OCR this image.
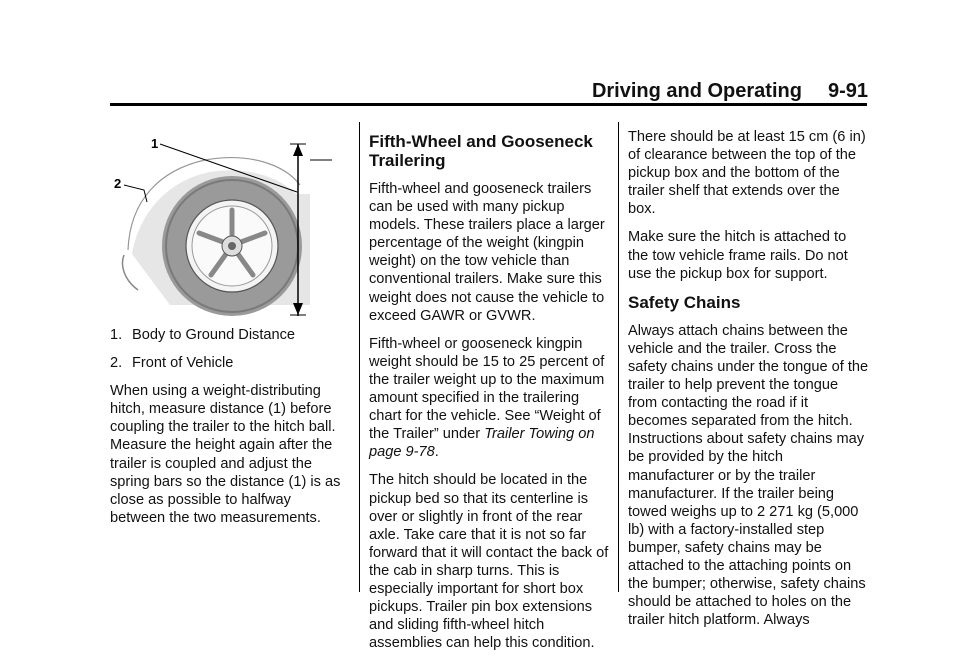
Driving and Operating 9-91
1
2

1. Body to Ground Distance

2. Front of Vehicle

When using a weight-distributing hitch, measure distance (1) before coupling the trailer to the hitch ball. Measure the height again after the trailer is coupled and adjust the spring bars so the distance (1) is as close as possible to halfway between the two measurements.

Fifth-Wheel and Gooseneck Trailering

Fifth-wheel and gooseneck trailers can be used with many pickup models. These trailers place a larger percentage of the weight (kingpin weight) on the tow vehicle than conventional trailers. Make sure this weight does not cause the vehicle to exceed GAWR or GVWR.

Fifth-wheel or gooseneck kingpin weight should be 15 to 25 percent of the trailer weight up to the maximum amount specified in the trailering chart for the vehicle. See “Weight of the Trailer” under Trailer Towing on page 9-78.

The hitch should be located in the pickup bed so that its centerline is over or slightly in front of the rear axle. Take care that it is not so far forward that it will contact the back of the cab in sharp turns. This is especially important for short box pickups. Trailer pin box extensions and sliding fifth-wheel hitch assemblies can help this condition.

There should be at least 15 cm (6 in) of clearance between the top of the pickup box and the bottom of the trailer shelf that extends over the box.

Make sure the hitch is attached to the tow vehicle frame rails. Do not use the pickup box for support.

Safety Chains

Always attach chains between the vehicle and the trailer. Cross the safety chains under the tongue of the trailer to help prevent the tongue from contacting the road if it becomes separated from the hitch. Instructions about safety chains may be provided by the hitch manufacturer or by the trailer manufacturer. If the trailer being towed weighs up to 2 271 kg (5,000 lb) with a factory-installed step bumper, safety chains may be attached to the attaching points on the bumper; otherwise, safety chains should be attached to holes on the trailer hitch platform. Always
